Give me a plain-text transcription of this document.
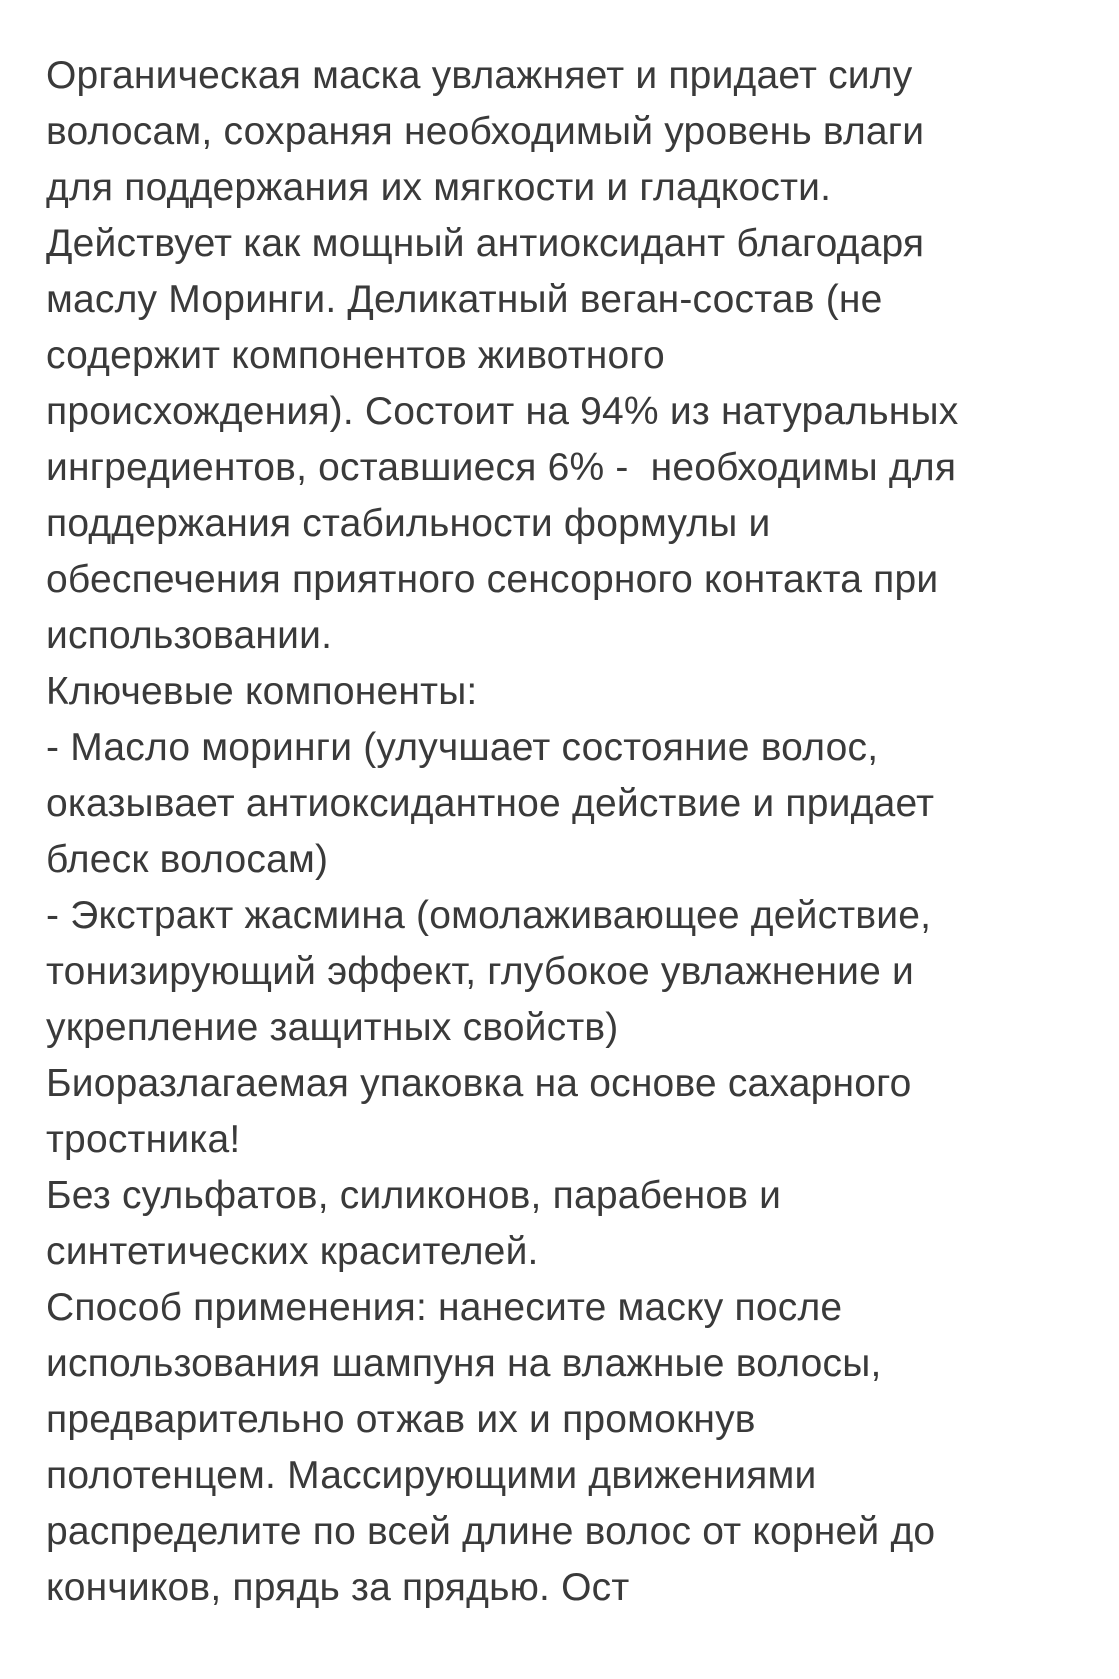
Органическая маска увлажняет и придает силу
волосам, сохраняя необходимый уровень влаги
для поддержания их мягкости и гладкости.
Действует как мощный антиоксидант благодаря
маслу Моринги. Деликатный веган-состав (не
содержит компонентов животного
происхождения). Состоит на 94% из натуральных
ингредиентов, оставшиеся 6% -  необходимы для
поддержания стабильности формулы и
обеспечения приятного сенсорного контакта при
использовании.
Ключевые компоненты:
- Масло моринги (улучшает состояние волос,
оказывает антиоксидантное действие и придает
блеск волосам)
- Экстракт жасмина (омолаживающее действие,
тонизирующий эффект, глубокое увлажнение и
укрепление защитных свойств)
Биоразлагаемая упаковка на основе сахарного
тростника!
Без сульфатов, силиконов, парабенов и
синтетических красителей.
Способ применения: нанесите маску после
использования шампуня на влажные волосы,
предварительно отжав их и промокнув
полотенцем. Массирующими движениями
распределите по всей длине волос от корней до
кончиков, прядь за прядью. Ост
